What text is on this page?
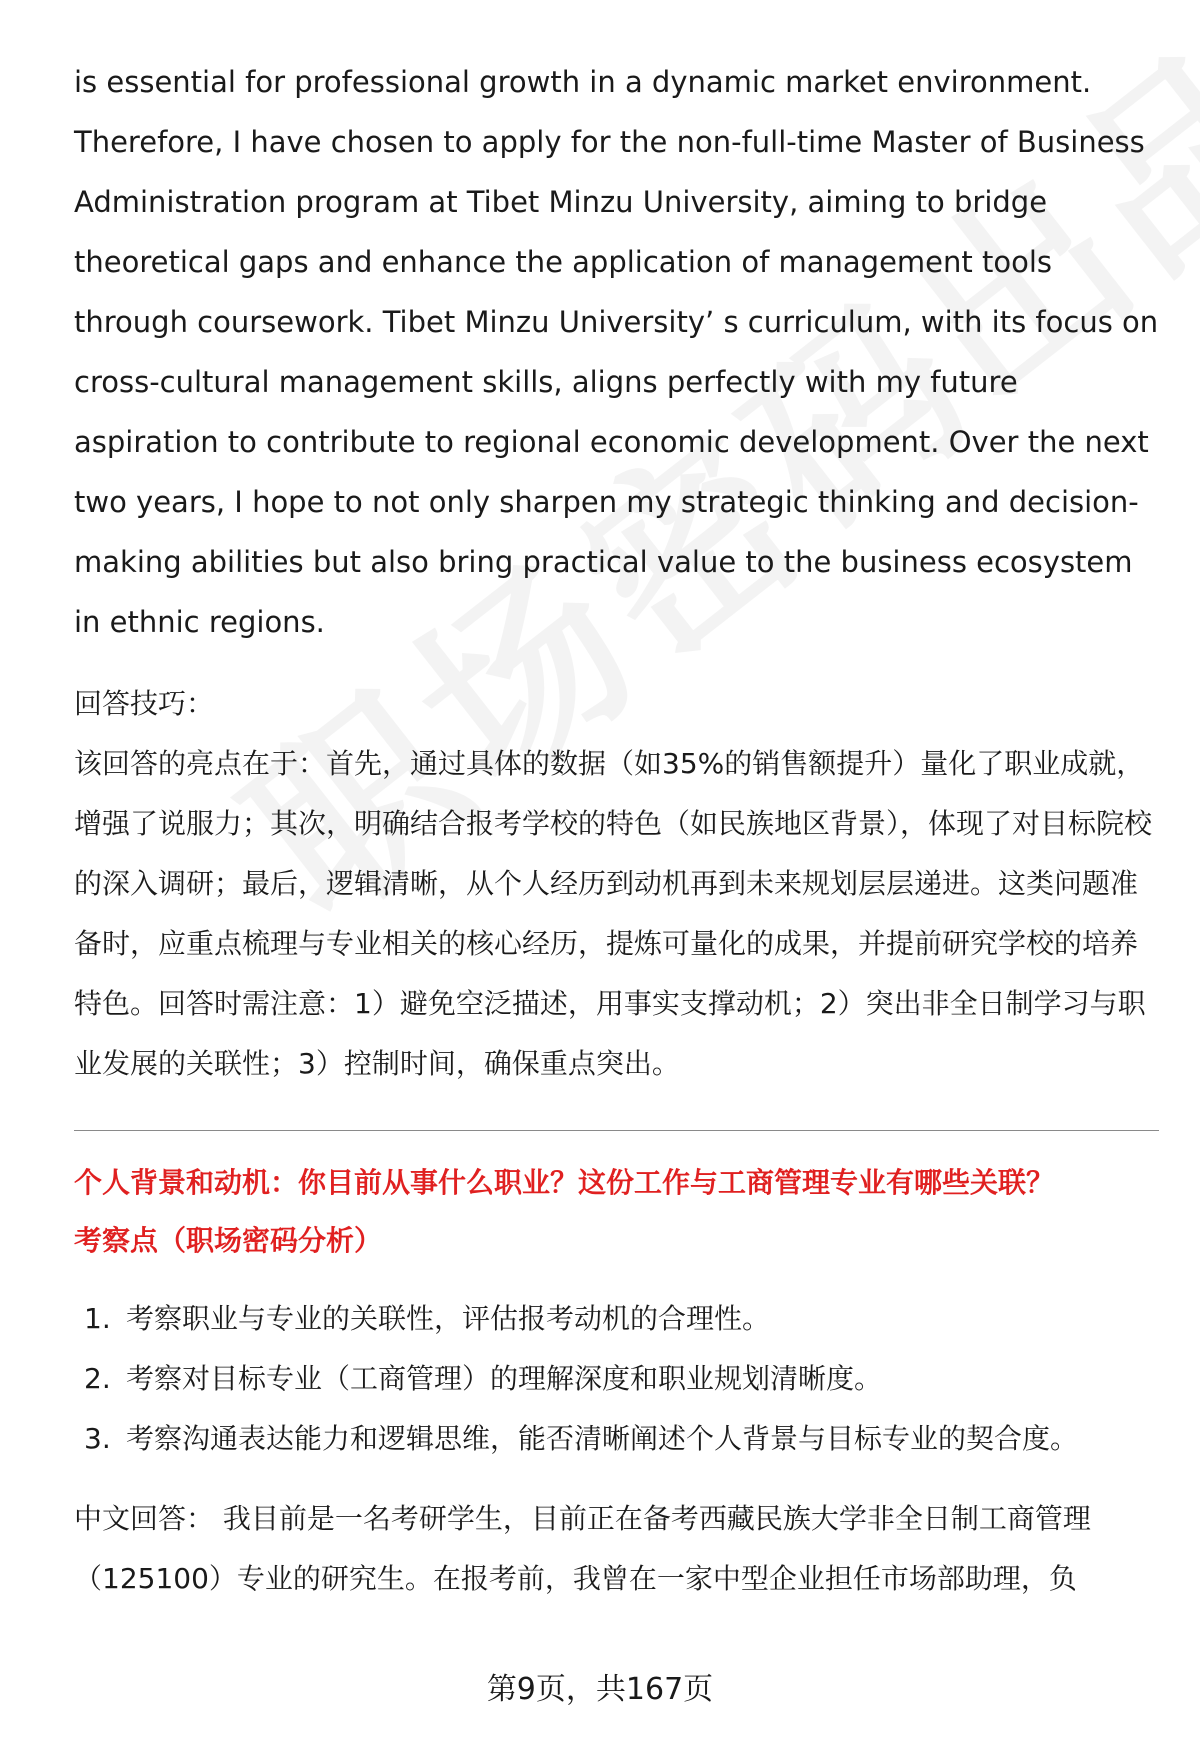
is essential for professional growth in a dynamic market environment. Therefore, I have chosen to apply for the non-full-time Master of Business Administration program at Tibet Minzu University, aiming to bridge theoretical gaps and enhance the application of management tools through coursework. Tibet Minzu University’ s curriculum, with its focus on cross-cultural management skills, aligns perfectly with my future aspiration to contribute to regional economic development. Over the next two years, I hope to not only sharpen my strategic thinking and decision-making abilities but also bring practical value to the business ecosystem in ethnic regions.

回答技巧：

该回答的亮点在于：首先，通过具体的数据（如35%的销售额提升）量化了职业成就，增强了说服力；其次，明确结合报考学校的特色（如民族地区背景），体现了对目标院校的深入调研；最后，逻辑清晰，从个人经历到动机再到未来规划层层递进。这类问题准备时，应重点梳理与专业相关的核心经历，提炼可量化的成果，并提前研究学校的培养特色。回答时需注意：1）避免空泛描述，用事实支撑动机；2）突出非全日制学习与职业发展的关联性；3）控制时间，确保重点突出。

个人背景和动机：你目前从事什么职业？这份工作与工商管理专业有哪些关联？

考察点（职场密码分析）

1. 考察职业与专业的关联性，评估报考动机的合理性。
2. 考察对目标专业（工商管理）的理解深度和职业规划清晰度。
3. 考察沟通表达能力和逻辑思维，能否清晰阐述个人背景与目标专业的契合度。

中文回答： 我目前是一名考研学生，目前正在备考西藏民族大学非全日制工商管理（125100）专业的研究生。在报考前，我曾在一家中型企业担任市场部助理，负

第9页，共167页
